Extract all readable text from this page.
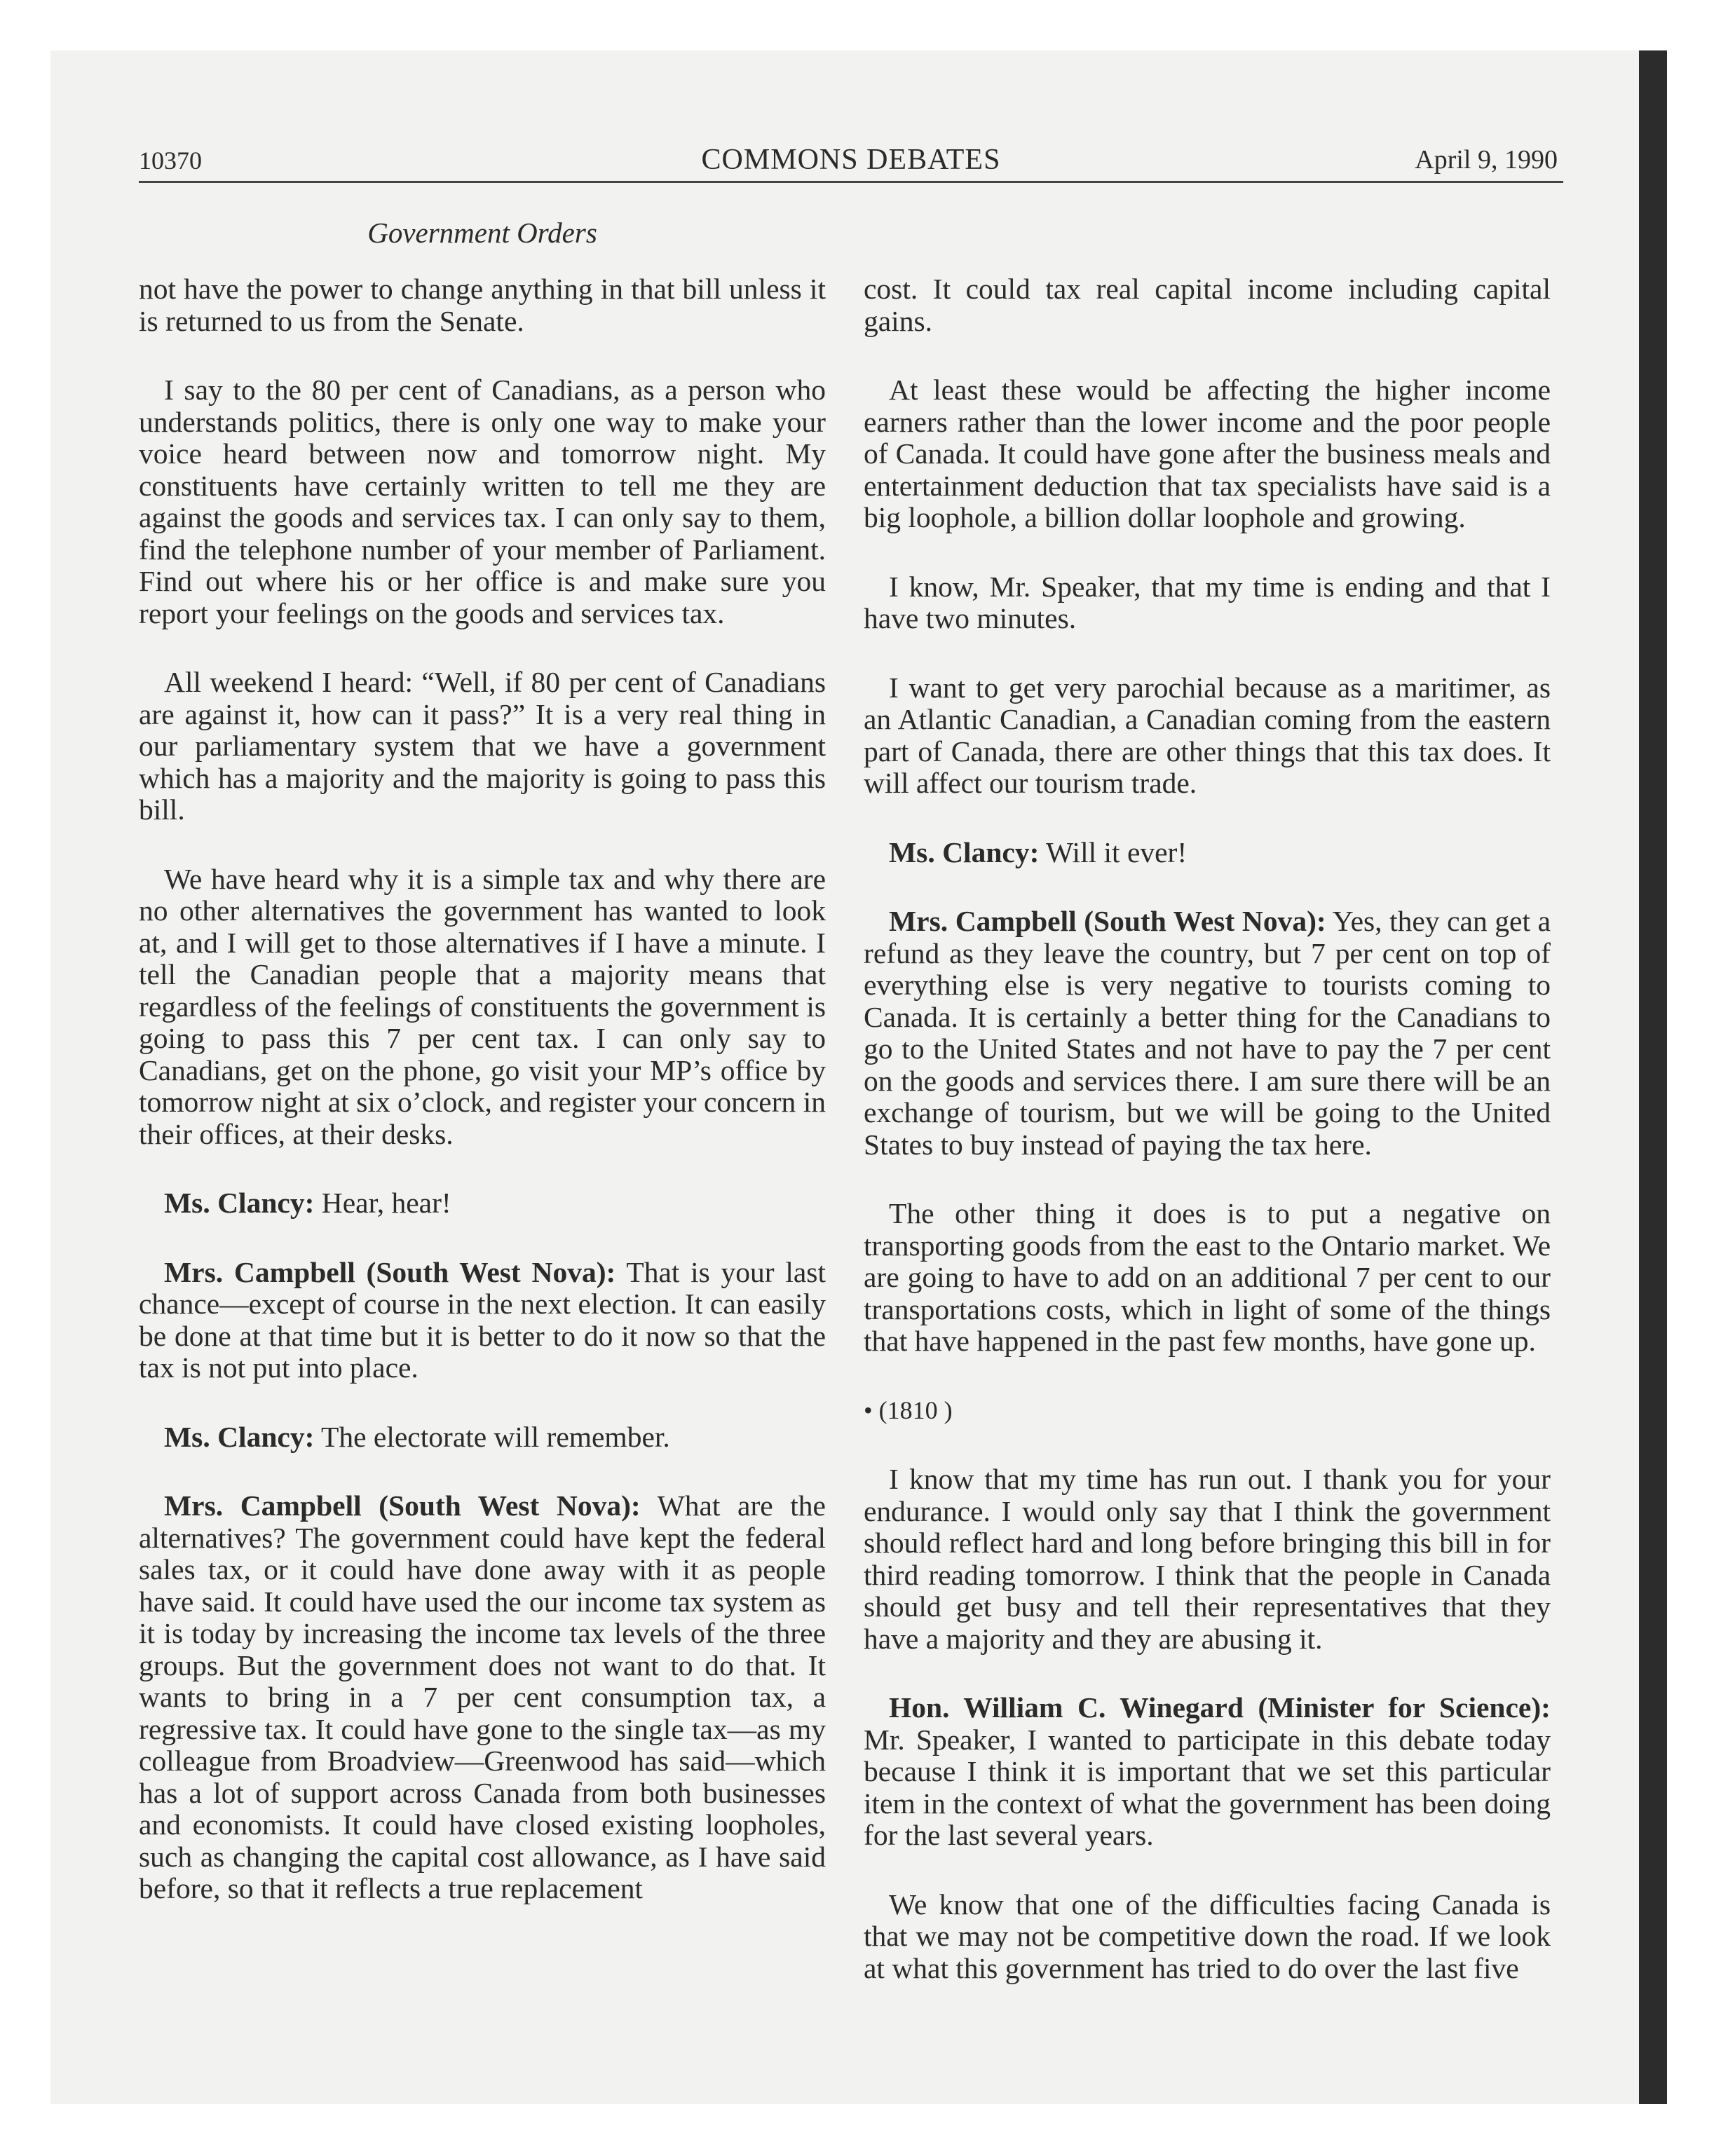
10370	COMMONS DEBATES	April 9, 1990
Government Orders

not have the power to change anything in that bill unless it is returned to us from the Senate.

I say to the 80 per cent of Canadians, as a person who understands politics, there is only one way to make your voice heard between now and tomorrow night. My constituents have certainly written to tell me they are against the goods and services tax. I can only say to them, find the telephone number of your member of Parliament. Find out where his or her office is and make sure you report your feelings on the goods and services tax.

All weekend I heard: “Well, if 80 per cent of Canadians are against it, how can it pass?” It is a very real thing in our parliamentary system that we have a government which has a majority and the majority is going to pass this bill.

We have heard why it is a simple tax and why there are no other alternatives the government has wanted to look at, and I will get to those alternatives if I have a minute. I tell the Canadian people that a majority means that regardless of the feelings of constituents the government is going to pass this 7 per cent tax. I can only say to Canadians, get on the phone, go visit your MP’s office by tomorrow night at six o’clock, and register your concern in their offices, at their desks.

Ms. Clancy: Hear, hear!

Mrs. Campbell (South West Nova): That is your last chance—except of course in the next election. It can easily be done at that time but it is better to do it now so that the tax is not put into place.

Ms. Clancy: The electorate will remember.

Mrs. Campbell (South West Nova): What are the alternatives? The government could have kept the federal sales tax, or it could have done away with it as people have said. It could have used the our income tax system as it is today by increasing the income tax levels of the three groups. But the government does not want to do that. It wants to bring in a 7 per cent consumption tax, a regressive tax. It could have gone to the single tax—as my colleague from Broadview—Greenwood has said—which has a lot of support across Canada from both businesses and economists. It could have closed existing loopholes, such as changing the capital cost allowance, as I have said before, so that it reflects a true replacement

cost. It could tax real capital income including capital gains.

At least these would be affecting the higher income earners rather than the lower income and the poor people of Canada. It could have gone after the business meals and entertainment deduction that tax specialists have said is a big loophole, a billion dollar loophole and growing.

I know, Mr. Speaker, that my time is ending and that I have two minutes.

I want to get very parochial because as a maritimer, as an Atlantic Canadian, a Canadian coming from the eastern part of Canada, there are other things that this tax does. It will affect our tourism trade.

Ms. Clancy: Will it ever!

Mrs. Campbell (South West Nova): Yes, they can get a refund as they leave the country, but 7 per cent on top of everything else is very negative to tourists coming to Canada. It is certainly a better thing for the Canadians to go to the United States and not have to pay the 7 per cent on the goods and services there. I am sure there will be an exchange of tourism, but we will be going to the United States to buy instead of paying the tax here.

The other thing it does is to put a negative on transporting goods from the east to the Ontario market. We are going to have to add on an additional 7 per cent to our transportations costs, which in light of some of the things that have happened in the past few months, have gone up.

• (1810 )

I know that my time has run out. I thank you for your endurance. I would only say that I think the government should reflect hard and long before bringing this bill in for third reading tomorrow. I think that the people in Canada should get busy and tell their representatives that they have a majority and they are abusing it.

Hon. William C. Winegard (Minister for Science): Mr. Speaker, I wanted to participate in this debate today because I think it is important that we set this particular item in the context of what the government has been doing for the last several years.

We know that one of the difficulties facing Canada is that we may not be competitive down the road. If we look at what this government has tried to do over the last five
